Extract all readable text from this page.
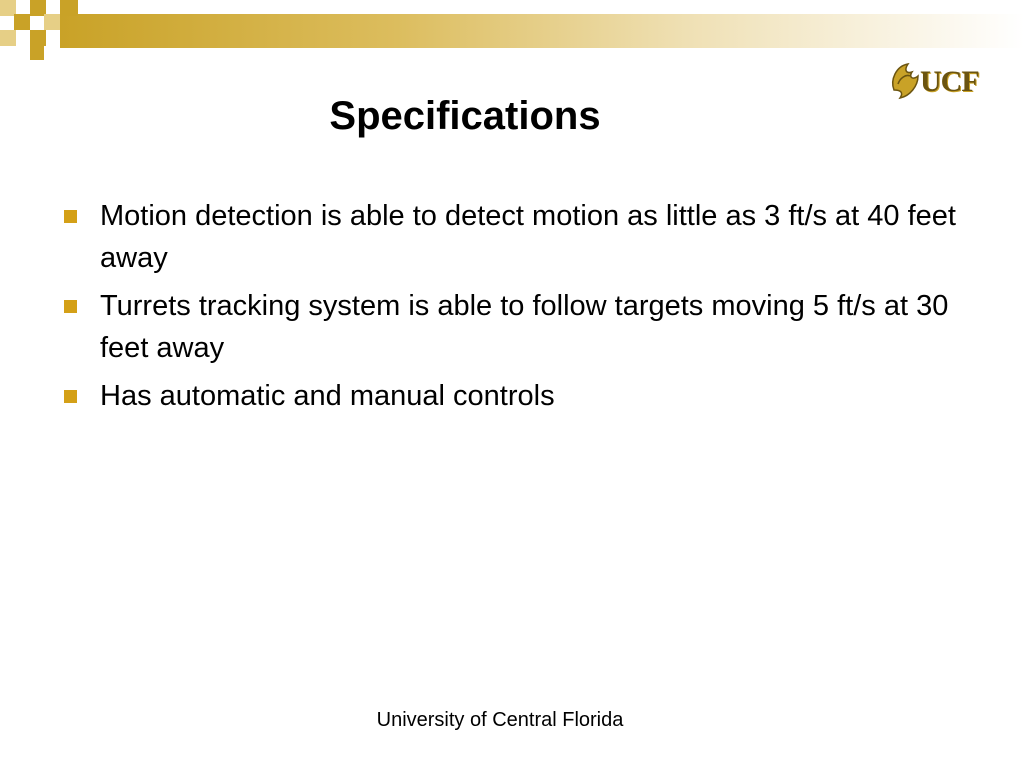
UCF
Specifications
Motion detection is able to detect motion as little as 3 ft/s at 40 feet away
Turrets tracking system is able to follow targets moving 5 ft/s at 30 feet away
Has automatic and manual controls
University of Central Florida
